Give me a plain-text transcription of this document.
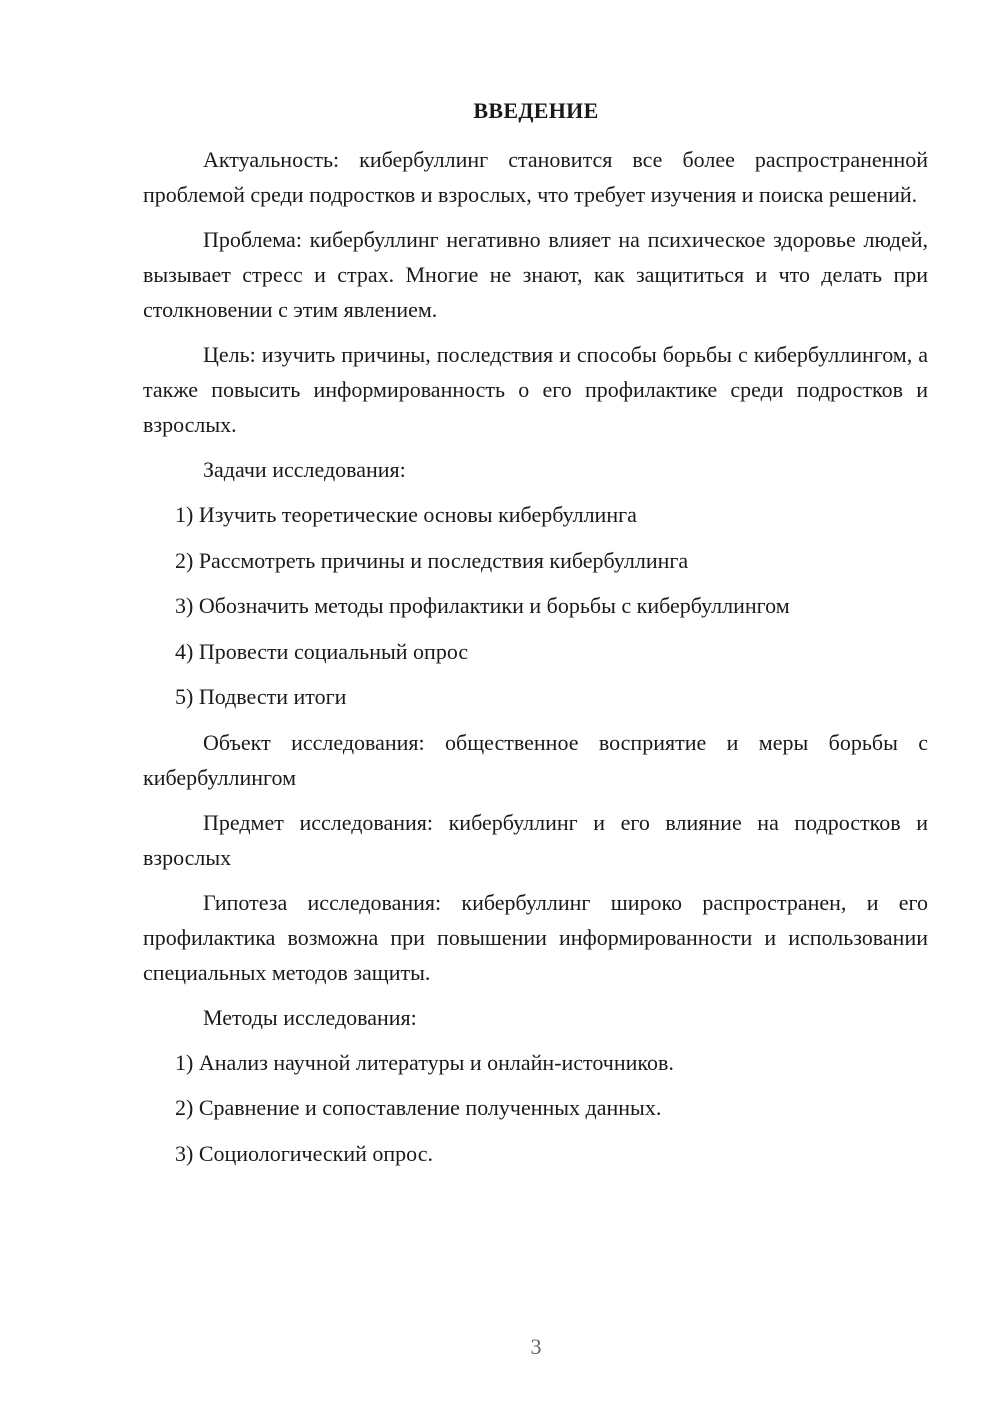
ВВЕДЕНИЕ

Актуальность: кибербуллинг становится все более распространенной проблемой среди подростков и взрослых, что требует изучения и поиска решений.

Проблема: кибербуллинг негативно влияет на психическое здоровье людей, вызывает стресс и страх. Многие не знают, как защититься и что делать при столкновении с этим явлением.

Цель: изучить причины, последствия и способы борьбы с кибербуллингом, а также повысить информированность о его профилактике среди подростков и взрослых.

Задачи исследования:

1) Изучить теоретические основы кибербуллинга
2) Рассмотреть причины и последствия кибербуллинга
3) Обозначить методы профилактики и борьбы с кибербуллингом
4) Провести социальный опрос
5) Подвести итоги

Объект исследования: общественное восприятие и меры борьбы с кибербуллингом

Предмет исследования: кибербуллинг и его влияние на подростков и взрослых

Гипотеза исследования: кибербуллинг широко распространен, и его профилактика возможна при повышении информированности и использовании специальных методов защиты.

Методы исследования:

1) Анализ научной литературы и онлайн-источников.
2) Сравнение и сопоставление полученных данных.
3) Социологический опрос.
3
